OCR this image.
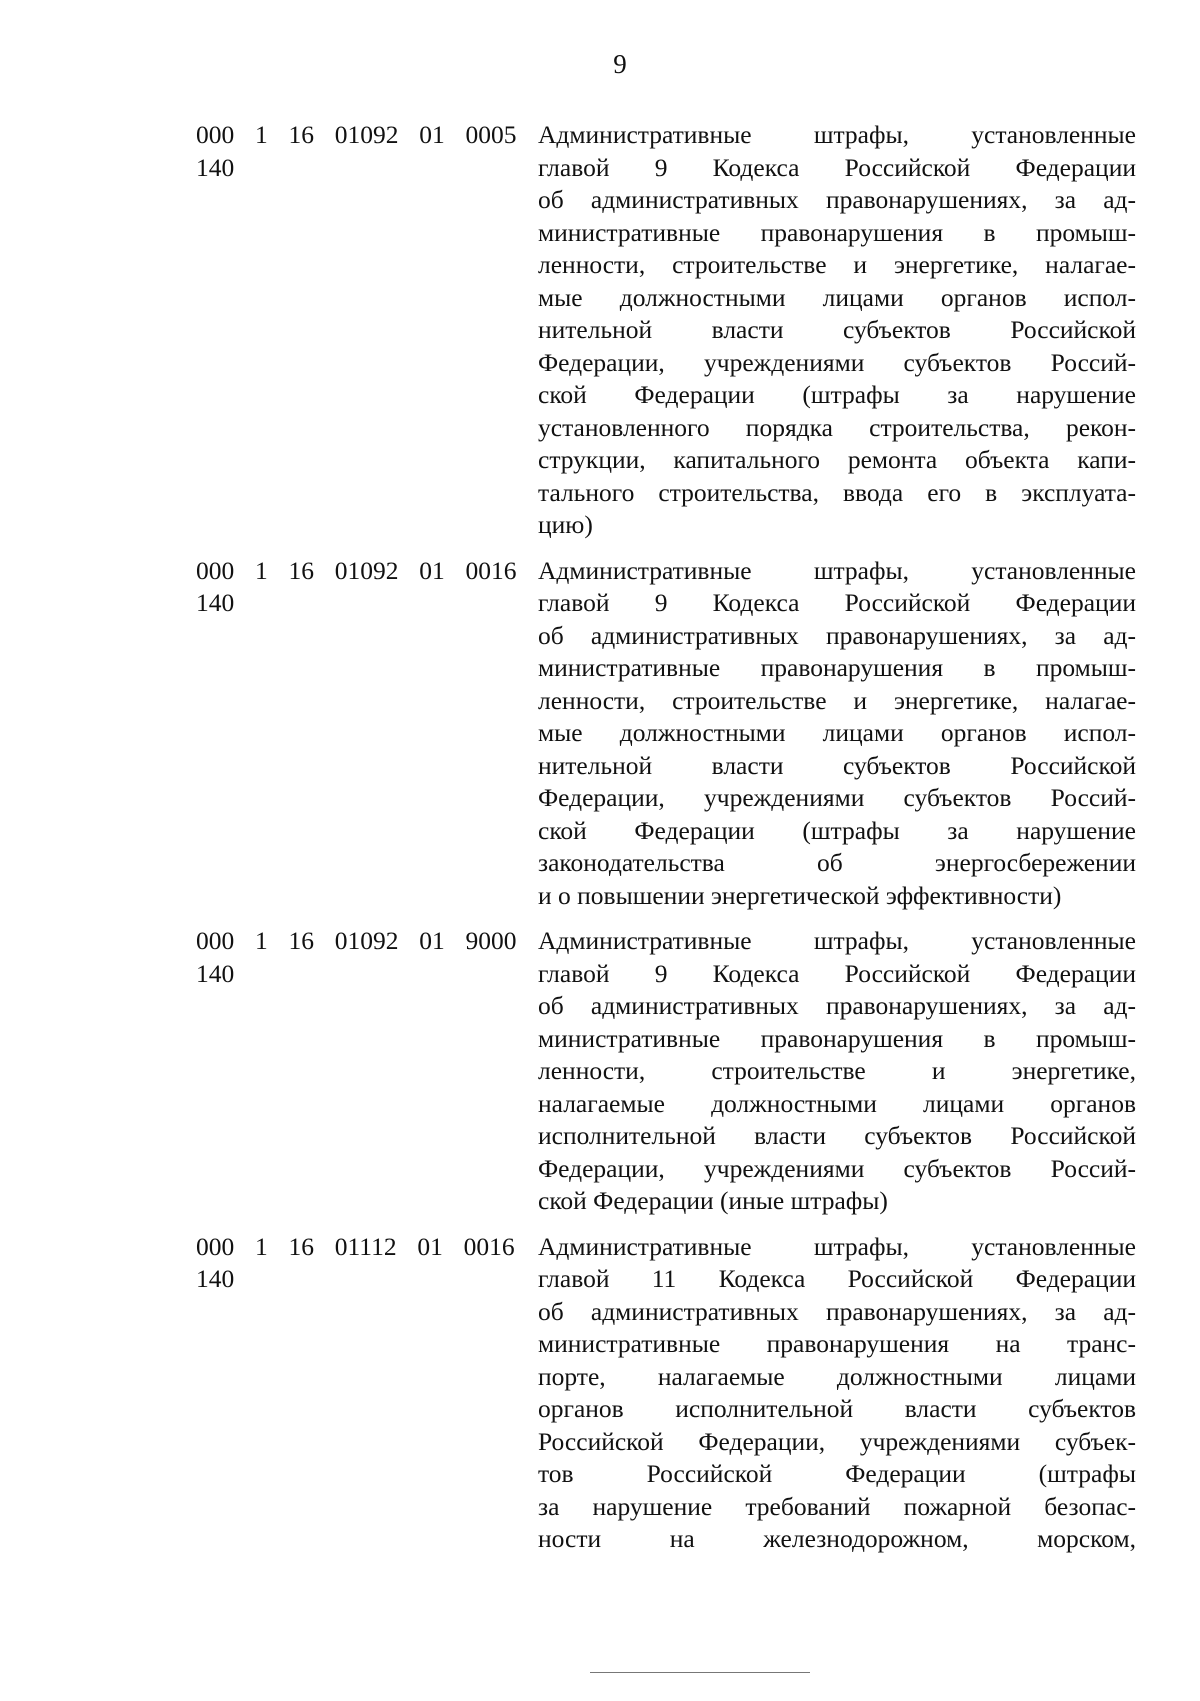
9
000  1  16  01092  01  0005
140
Административные штрафы, установленные
главой 9 Кодекса Российской Федерации
об административных правонарушениях, за ад-
министративные правонарушения в промыш-
ленности, строительстве и энергетике, налагае-
мые должностными лицами органов испол-
нительной власти субъектов Российской
Федерации, учреждениями субъектов Россий-
ской Федерации (штрафы за нарушение
установленного порядка строительства, рекон-
струкции, капитального ремонта объекта капи-
тального строительства, ввода его в эксплуата-
цию)
000  1  16  01092  01  0016
140
Административные штрафы, установленные
главой 9 Кодекса Российской Федерации
об административных правонарушениях, за ад-
министративные правонарушения в промыш-
ленности, строительстве и энергетике, налагае-
мые должностными лицами органов испол-
нительной власти субъектов Российской
Федерации, учреждениями субъектов Россий-
ской Федерации (штрафы за нарушение
законодательства об энергосбережении
и о повышении энергетической эффективности)
000  1  16  01092  01  9000
140
Административные штрафы, установленные
главой 9 Кодекса Российской Федерации
об административных правонарушениях, за ад-
министративные правонарушения в промыш-
ленности, строительстве и энергетике,
налагаемые должностными лицами органов
исполнительной власти субъектов Российской
Федерации, учреждениями субъектов Россий-
ской Федерации (иные штрафы)
000  1  16  01112  01  0016
140
Административные штрафы, установленные
главой 11 Кодекса Российской Федерации
об административных правонарушениях, за ад-
министративные правонарушения на транс-
порте, налагаемые должностными лицами
органов исполнительной власти субъектов
Российской Федерации, учреждениями субъек-
тов Российской Федерации (штрафы
за нарушение требований пожарной безопас-
ности на железнодорожном, морском,
